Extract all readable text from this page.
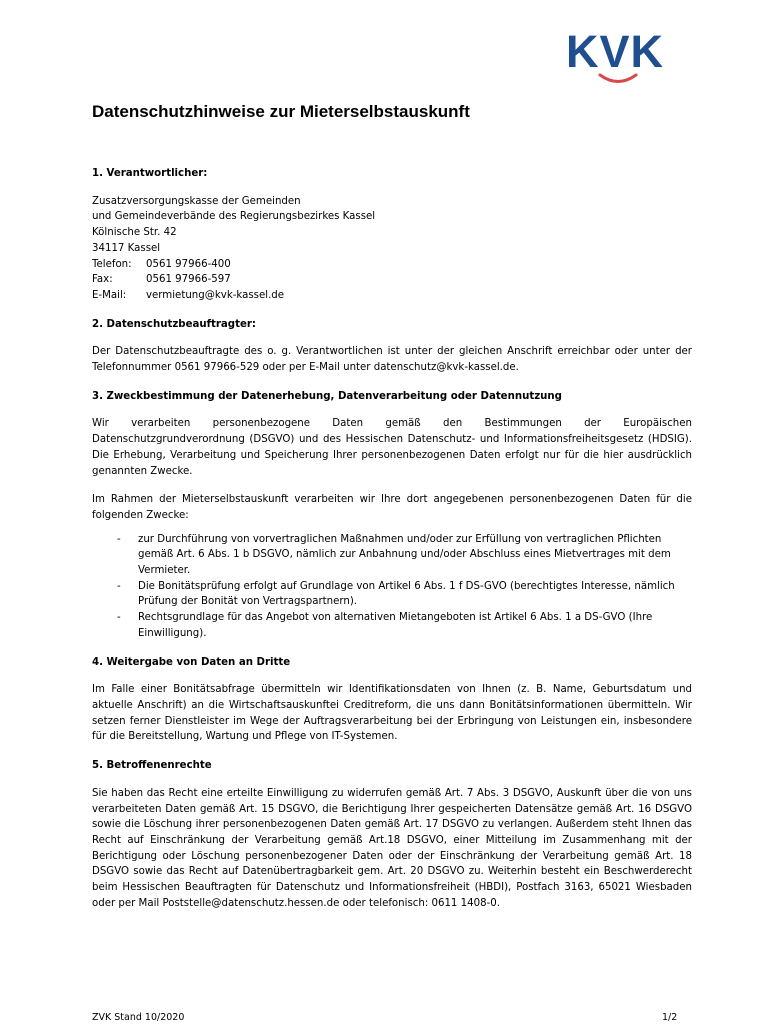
KVK
Datenschutzhinweise zur Mieterselbstauskunft

1. Verantwortlicher:

Zusatzversorgungskasse der Gemeinden
und Gemeindeverbände des Regierungsbezirkes Kassel
Kölnische Str. 42
34117 Kassel
Telefon:	0561 97966-400
Fax:	0561 97966-597
E-Mail:	vermietung@kvk-kassel.de

2. Datenschutzbeauftragter:

Der Datenschutzbeauftragte des o. g. Verantwortlichen ist unter der gleichen Anschrift erreichbar oder unter der Telefonnummer 0561 97966-529 oder per E-Mail unter datenschutz@kvk-kassel.de.

3. Zweckbestimmung der Datenerhebung, Datenverarbeitung oder Datennutzung

Wir verarbeiten personenbezogene Daten gemäß den Bestimmungen der Europäischen Datenschutzgrundverordnung (DSGVO) und des Hessischen Datenschutz- und Informationsfreiheitsgesetz (HDSIG). Die Erhebung, Verarbeitung und Speicherung Ihrer personenbezogenen Daten erfolgt nur für die hier ausdrücklich genannten Zwecke.

Im Rahmen der Mieterselbstauskunft verarbeiten wir Ihre dort angegebenen personenbezogenen Daten für die folgenden Zwecke:

-	zur Durchführung von vorvertraglichen Maßnahmen und/oder zur Erfüllung von vertraglichen Pflichten gemäß Art. 6 Abs. 1 b DSGVO, nämlich zur Anbahnung und/oder Abschluss eines Mietvertrages mit dem Vermieter.
-	Die Bonitätsprüfung erfolgt auf Grundlage von Artikel 6 Abs. 1 f DS-GVO (berechtigtes Interesse, nämlich Prüfung der Bonität von Vertragspartnern).
-	Rechtsgrundlage für das Angebot von alternativen Mietangeboten ist Artikel 6 Abs. 1 a DS-GVO (Ihre Einwilligung).

4. Weitergabe von Daten an Dritte

Im Falle einer Bonitätsabfrage übermitteln wir Identifikationsdaten von Ihnen (z. B. Name, Geburtsdatum und aktuelle Anschrift) an die Wirtschaftsauskunftei Creditreform, die uns dann Bonitätsinformationen übermitteln. Wir setzen ferner Dienstleister im Wege der Auftragsverarbeitung bei der Erbringung von Leistungen ein, insbesondere für die Bereitstellung, Wartung und Pflege von IT-Systemen.

5. Betroffenenrechte

Sie haben das Recht eine erteilte Einwilligung zu widerrufen gemäß Art. 7 Abs. 3 DSGVO, Auskunft über die von uns verarbeiteten Daten gemäß Art. 15 DSGVO, die Berichtigung Ihrer gespeicherten Datensätze gemäß Art. 16 DSGVO sowie die Löschung ihrer personenbezogenen Daten gemäß Art. 17 DSGVO zu verlangen. Außerdem steht Ihnen das Recht auf Einschränkung der Verarbeitung gemäß Art.18 DSGVO, einer Mitteilung im Zusammenhang mit der Berichtigung oder Löschung personenbezogener Daten oder der Einschränkung der Verarbeitung gemäß Art. 18 DSGVO sowie das Recht auf Datenübertragbarkeit gem. Art. 20 DSGVO zu. Weiterhin besteht ein Beschwerderecht beim Hessischen Beauftragten für Datenschutz und Informationsfreiheit (HBDI), Postfach 3163, 65021 Wiesbaden oder per Mail Poststelle@datenschutz.hessen.de oder telefonisch: 0611 1408-0.

ZVK Stand 10/2020	1/2
